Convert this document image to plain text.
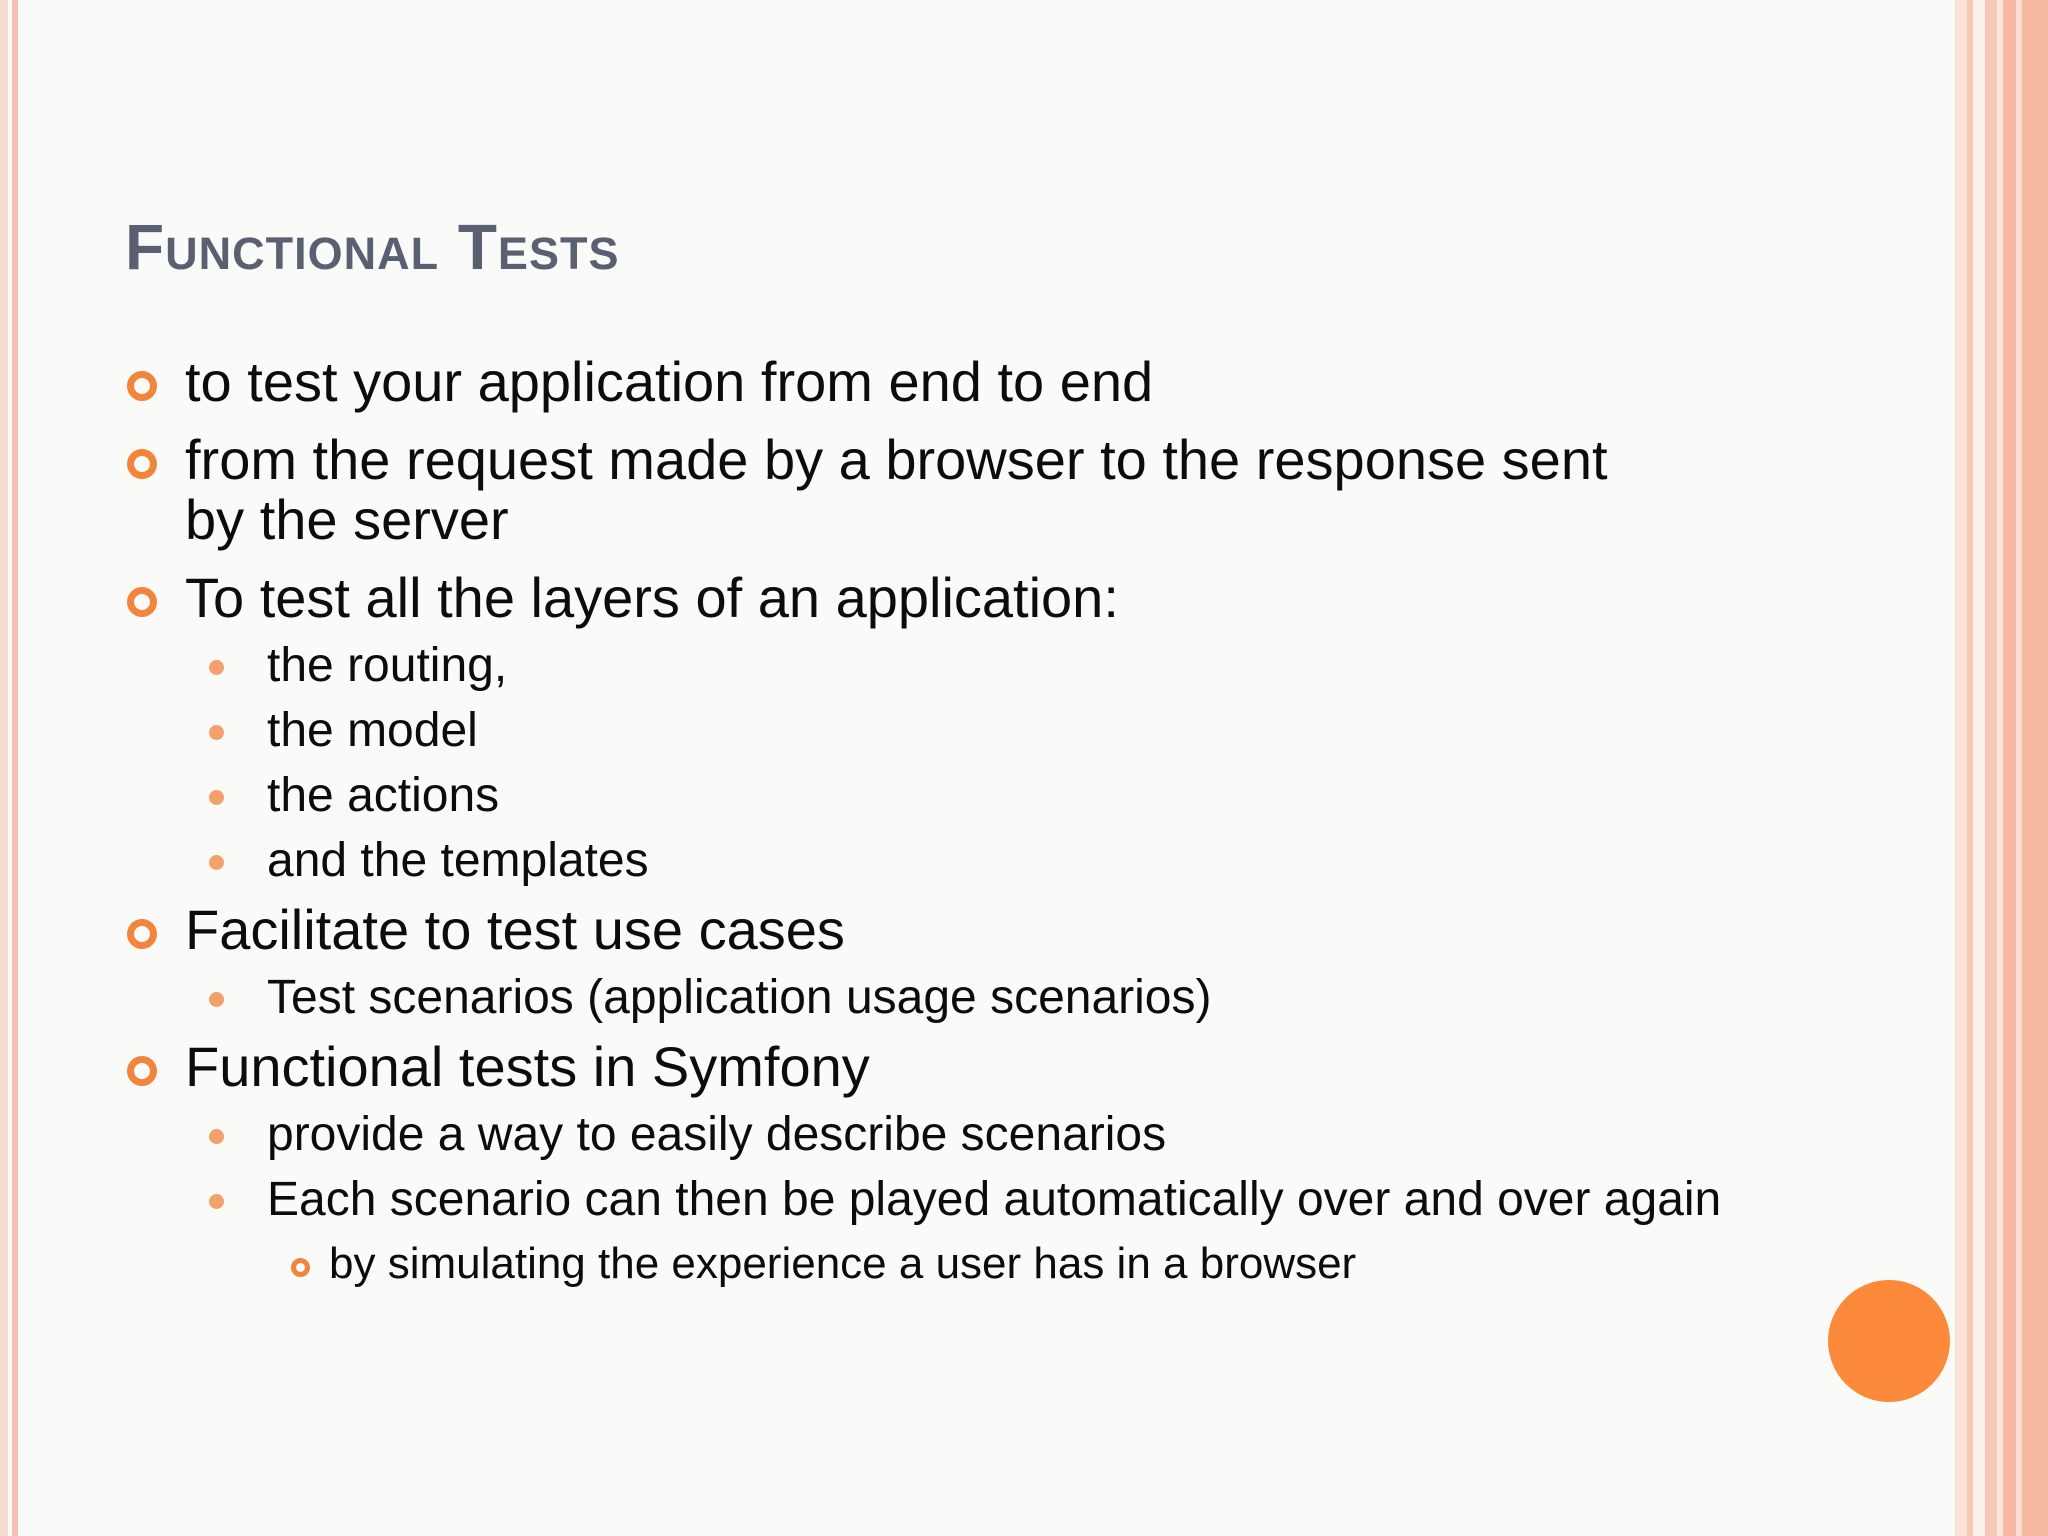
Functional Tests
to test your application from end to end
from the request made by a browser to the response sent by the server
To test all the layers of an application:
the routing,
the model
the actions
and the templates
Facilitate to test use cases
Test scenarios (application usage scenarios)
Functional tests in Symfony
provide a way to easily describe scenarios
Each scenario can then be played automatically over and over again
by simulating the experience a user has in a browser
